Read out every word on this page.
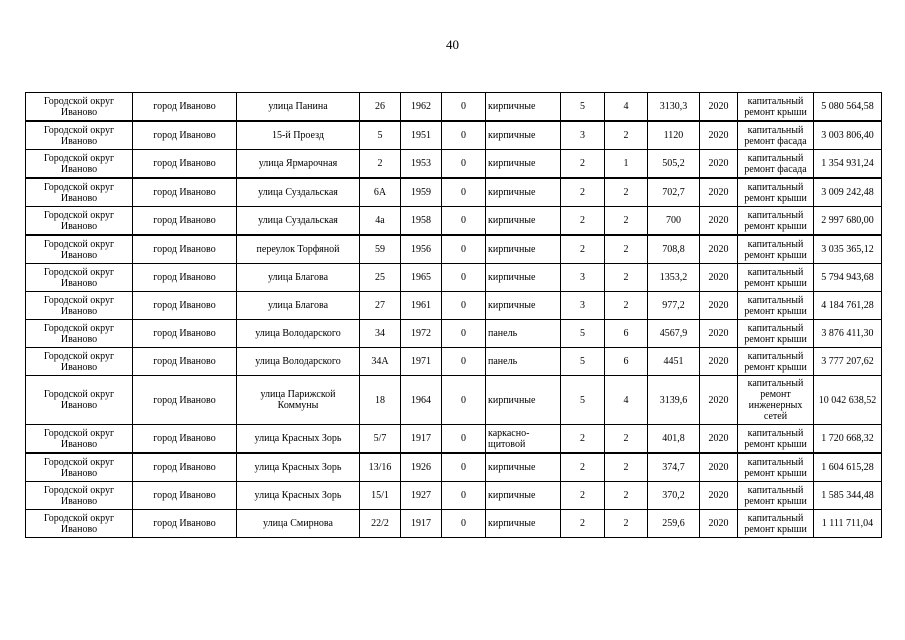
40
Городской округ Иваново	город Иваново	улица Панина	26	1962	0	кирпичные	5	4	3130,3	2020	капитальный ремонт крыши	5 080 564,58
Городской округ Иваново	город Иваново	15-й Проезд	5	1951	0	кирпичные	3	2	1120	2020	капитальный ремонт фасада	3 003 806,40
Городской округ Иваново	город Иваново	улица Ярмарочная	2	1953	0	кирпичные	2	1	505,2	2020	капитальный ремонт фасада	1 354 931,24
Городской округ Иваново	город Иваново	улица Суздальская	6А	1959	0	кирпичные	2	2	702,7	2020	капитальный ремонт крыши	3 009 242,48
Городской округ Иваново	город Иваново	улица Суздальская	4а	1958	0	кирпичные	2	2	700	2020	капитальный ремонт крыши	2 997 680,00
Городской округ Иваново	город Иваново	переулок Торфяной	59	1956	0	кирпичные	2	2	708,8	2020	капитальный ремонт крыши	3 035 365,12
Городской округ Иваново	город Иваново	улица Благова	25	1965	0	кирпичные	3	2	1353,2	2020	капитальный ремонт крыши	5 794 943,68
Городской округ Иваново	город Иваново	улица Благова	27	1961	0	кирпичные	3	2	977,2	2020	капитальный ремонт крыши	4 184 761,28
Городской округ Иваново	город Иваново	улица Володарского	34	1972	0	панель	5	6	4567,9	2020	капитальный ремонт крыши	3 876 411,30
Городской округ Иваново	город Иваново	улица Володарского	34А	1971	0	панель	5	6	4451	2020	капитальный ремонт крыши	3 777 207,62
Городской округ Иваново	город Иваново	улица Парижской Коммуны	18	1964	0	кирпичные	5	4	3139,6	2020	капитальный ремонт инженерных сетей	10 042 638,52
Городской округ Иваново	город Иваново	улица Красных Зорь	5/7	1917	0	каркасно-щитовой	2	2	401,8	2020	капитальный ремонт крыши	1 720 668,32
Городской округ Иваново	город Иваново	улица Красных Зорь	13/16	1926	0	кирпичные	2	2	374,7	2020	капитальный ремонт крыши	1 604 615,28
Городской округ Иваново	город Иваново	улица Красных Зорь	15/1	1927	0	кирпичные	2	2	370,2	2020	капитальный ремонт крыши	1 585 344,48
Городской округ Иваново	город Иваново	улица Смирнова	22/2	1917	0	кирпичные	2	2	259,6	2020	капитальный ремонт крыши	1 111 711,04
